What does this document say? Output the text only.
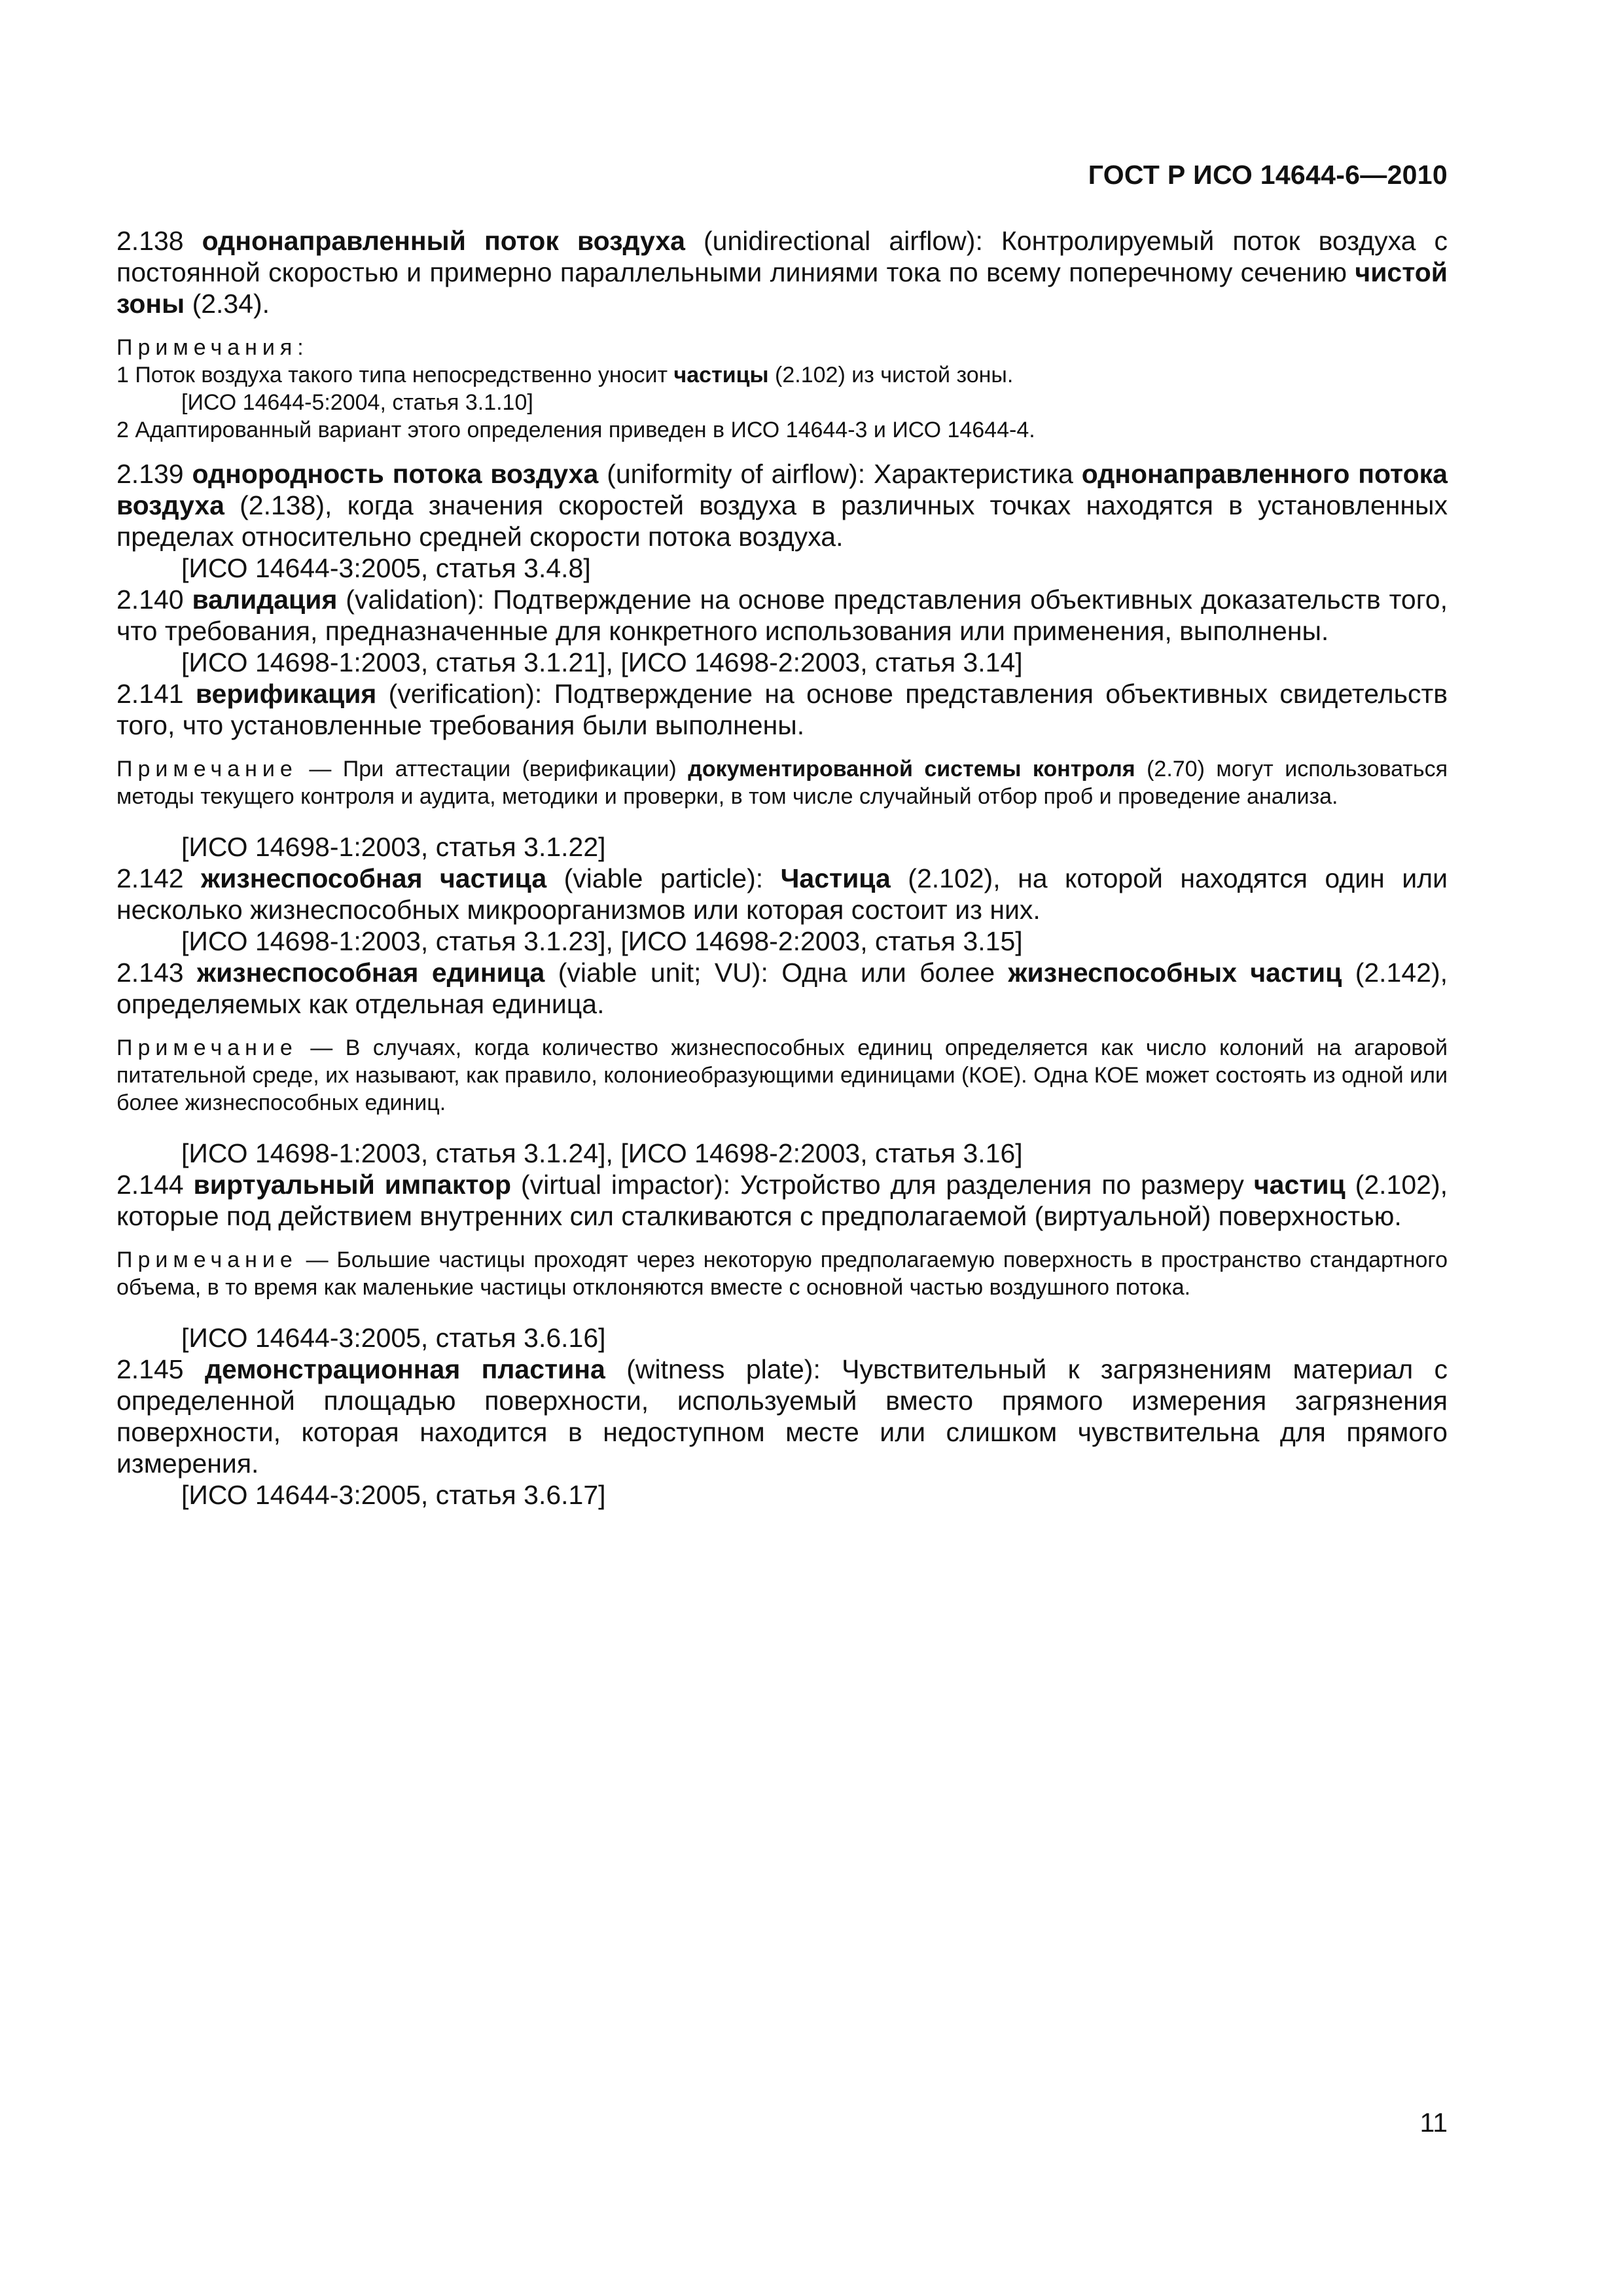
ГОСТ Р ИСО 14644-6—2010

2.138 однонаправленный поток воздуха (unidirectional airflow): Контролируемый поток воздуха с постоянной скоростью и примерно параллельными линиями тока по всему поперечному сечению чистой зоны (2.34).

Примечания:

1 Поток воздуха такого типа непосредственно уносит частицы (2.102) из чистой зоны.

[ИСО 14644-5:2004, статья 3.1.10]

2 Адаптированный вариант этого определения приведен в ИСО 14644-3 и ИСО 14644-4.

2.139 однородность потока воздуха (uniformity of airflow): Характеристика однонаправленного потока воздуха (2.138), когда значения скоростей воздуха в различных точках находятся в установленных пределах относительно средней скорости потока воздуха.

[ИСО 14644-3:2005, статья 3.4.8]

2.140 валидация (validation): Подтверждение на основе представления объективных доказательств того, что требования, предназначенные для конкретного использования или применения, выполнены.

[ИСО 14698-1:2003, статья 3.1.21], [ИСО 14698-2:2003, статья 3.14]

2.141 верификация (verification): Подтверждение на основе представления объективных свидетельств того, что установленные требования были выполнены.

Примечание — При аттестации (верификации) документированной системы контроля (2.70) могут использоваться методы текущего контроля и аудита, методики и проверки, в том числе случайный отбор проб и проведение анализа.

[ИСО 14698-1:2003, статья 3.1.22]

2.142 жизнеспособная частица (viable particle): Частица (2.102), на которой находятся один или несколько жизнеспособных микроорганизмов или которая состоит из них.

[ИСО 14698-1:2003, статья 3.1.23], [ИСО 14698-2:2003, статья 3.15]

2.143 жизнеспособная единица (viable unit; VU): Одна или более жизнеспособных частиц (2.142), определяемых как отдельная единица.

Примечание — В случаях, когда количество жизнеспособных единиц определяется как число колоний на агаровой питательной среде, их называют, как правило, колониеобразующими единицами (КОЕ). Одна КОЕ может состоять из одной или более жизнеспособных единиц.

[ИСО 14698-1:2003, статья 3.1.24], [ИСО 14698-2:2003, статья 3.16]

2.144 виртуальный импактор (virtual impactor): Устройство для разделения по размеру частиц (2.102), которые под действием внутренних сил сталкиваются с предполагаемой (виртуальной) поверхностью.

Примечание — Большие частицы проходят через некоторую предполагаемую поверхность в пространство стандартного объема, в то время как маленькие частицы отклоняются вместе с основной частью воздушного потока.

[ИСО 14644-3:2005, статья 3.6.16]

2.145 демонстрационная пластина (witness plate): Чувствительный к загрязнениям материал с определенной площадью поверхности, используемый вместо прямого измерения загрязнения поверхности, которая находится в недоступном месте или слишком чувствительна для прямого измерения.

[ИСО 14644-3:2005, статья 3.6.17]

11
